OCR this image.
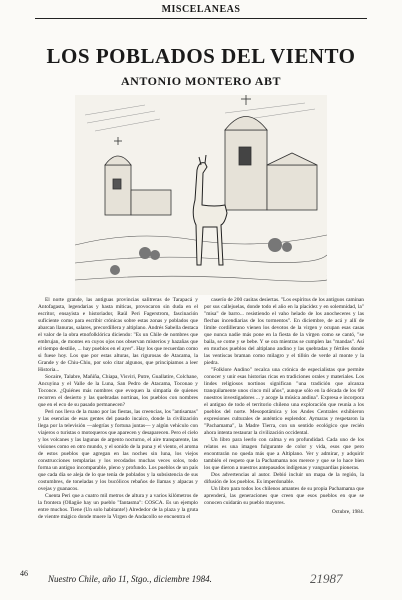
MISCELANEAS
LOS POBLADOS DEL VIENTO
ANTONIO MONTERO ABT

El norte grande, las antiguas provincias salitreras de Tarapacá y Antofagasta, legendarias y hasta míticas, provocaron sin duda en el escritor, ensayista e historiador, Raúl Peri Fagerstrom, fascinación suficiente como para escribir crónicas sobre estas zonas y poblados que abarcan llanuras, salares, precordillera y altiplano. Andrés Sabella destaca el valor de la obra etnofolklórica diciendo: "Es un Chile de nombres que embrujan, de montes en cuyos ojos nos observan misterios y hazañas que el tiempo destiñe, ... hay pueblos en el ayer". Hay los que recuerdan como si fuese hoy. Los que por estas alturas, las rigurosas de Atacama, la Grande y de Chiu-Chiu, por solo citar algunos, que principiamos a leer Historia...

Socaire, Talabre, Mañiña, Chiapa, Visviri, Putre, Guallatire, Colchane, Ancuyina y el Valle de la Luna, San Pedro de Atacama, Toconao y Toconce. ¿Quiénes más nombres que evoquen la simpatía de quienes recorren el desierto y las quebradas nortinas, los pueblos con nombres que en el eco de su pasado permanecen?

Peri nos lleva de la mano por las fiestas, las creencias, los "antisamas" y las esencias de esas gentes del pasado incaico, donde la civilización llega por la televisión —alegrías y fortuna juntas— y algún vehículo con viajeros o turistas o motoqueros que aparecen y desaparecen. Pero el cielo y los volcanes y las lagunas de argento nocturno, el aire transparente, las visiones como en otro mundo, y el sonido de la puna y el viento, el aroma de estos pueblos que agregan en las noches sin luna, los viejos construcciones templarias y los recodados muchas veces solos, todo forma un antiguo incomparable, pleno y profundo. Los pueblos de un país que cada día se aleja de lo que tenía de poblados y la subsistencia de sus costumbres, de toneladas y los bucólicos rebaños de llamas y alpacas y ovejas y guanacos.

Cuenta Peri que a cuatro mil metros de altura y a varios kilómetros de la frontera (Ollagüe hay un pueblo "fantasma": COSCA. Es un ejemplo entre muchos. Tiene (Un solo habitante!) Alrededor de la plaza y la gruta de vientre mágico donde muere la Virgen de Andacollo se encuentra el

caserío de 200 casitas desiertas. "Los espíritus de los antiguos caminan por sus callejuelas, donde todo el año en la placidez y en solemnidad, la" "misa" de barro... resistiendo el vaho helado de los anocheceres y las flechas incendiarias de los tormentos". En diciembre, de acá y allí de límite cordillerano vienen los devotos de la virgen y ocupan esas casas que nunca nadie más pone en la fiesta de la virgen como se cantó, "se baila, se come y se bebe. Y se ora mientras se cumplen las "mandas". Así en muchos pueblos del altiplano andino y las quebradas y fértiles donde las ventiscas braman como milagro y el tillón de verde al monte y la piedra.

"Folklore Andino" recalca una crónica de especialistas que permite conocer y unir esas historias ricas en tradiciones orales y materiales. Los lindes religiosos nortinos significan "una tradición que alcanza tranquilamente unos cinco mil años", aunque sólo en la década de los 60' nuestros investigadores ... y acoge la música andina". Expresa e incorpora el antiguo de todo el territorio chileno una exploración que reunía a los pueblos del norte. Mesopotámica y los Andes Centrales exhibieron expresiones culturales de auténtico esplendor. Aymaras y respetaron la "Pachamama", la Madre Tierra, con un sentido ecológico que recién ahora intenta restaurar la civilización occidental.

Un libro para leerlo con calma y en profundidad. Cada uno de los relatos es una imagen fulgurante de color y vida, esos que pero encontrarán no queda más que a Altiplano. Ver y admirar, y adquirir también el respeto que la Pachamama nos merece y que se lo hace bien los que dieron a nuestros antepasados indígenas y vanguardias pioneras.

Dos advertencias al autor. Debió incluir un mapa de la región, la difusión de los pueblos. Es imperdonable.

Un libro para todos los chilenos amantes de su propia Pachamama que aprenderá, las generaciones que creen que esos pueblos en que se conocen cuidarán su pueblo mayores.

Octubre, 1984.
46
Nuestro Chile, año 11, Stgo., diciembre 1984.	21987
